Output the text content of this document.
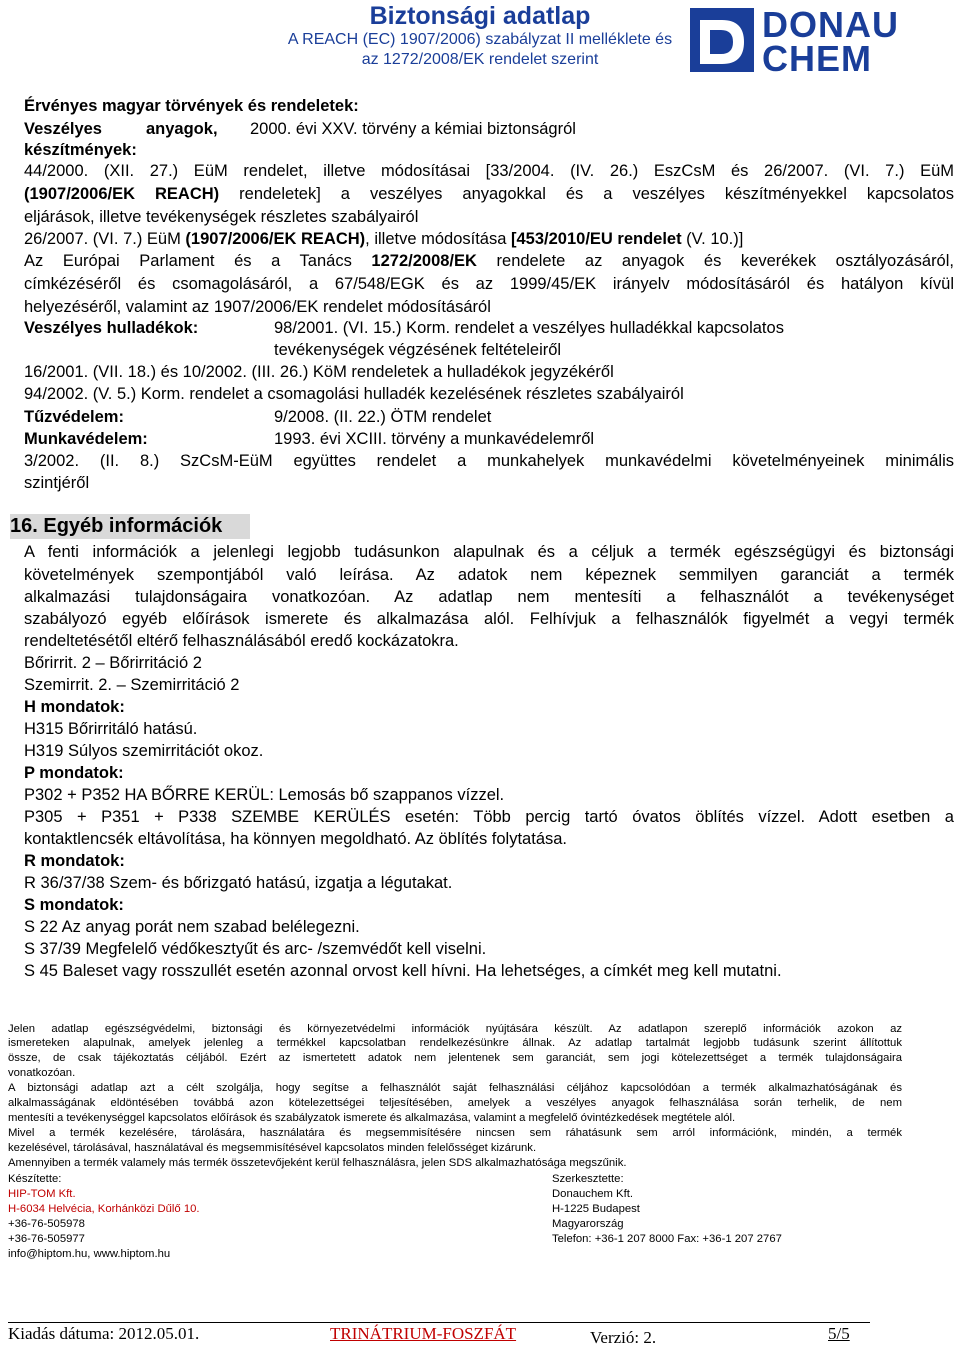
Biztonsági adatlap
A REACH (EC) 1907/2006) szabályzat II melléklete és
az 1272/2008/EK rendelet szerint
DONAU
CHEM
Érvényes magyar törvények és rendeletek:
Veszélyes	anyagok, 2000. évi XXV. törvény a kémiai biztonságról
készítmények:
44/2000. (XII. 27.) EüM rendelet, illetve módosításai [33/2004. (IV. 26.) EszCsM és 26/2007. (VI. 7.) EüM
(1907/2006/EK REACH) rendeletek] a veszélyes anyagokkal és a veszélyes készítményekkel kapcsolatos
eljárások, illetve tevékenységek részletes szabályairól
26/2007. (VI. 7.) EüM (1907/2006/EK REACH), illetve módosítása [453/2010/EU rendelet (V. 10.)]
Az Európai Parlament és a Tanács 1272/2008/EK rendelete az anyagok és keverékek osztályozásáról,
címkézéséről és csomagolásáról, a 67/548/EGK és az 1999/45/EK irányelv módosításáról és hatályon kívül
helyezéséről, valamint az 1907/2006/EK rendelet módosításáról
Veszélyes hulladékok:	98/2001. (VI. 15.) Korm. rendelet a veszélyes hulladékkal kapcsolatos
tevékenységek végzésének feltételeiről
16/2001. (VII. 18.) és 10/2002. (III. 26.) KöM rendeletek a hulladékok jegyzékéről
94/2002. (V. 5.) Korm. rendelet a csomagolási hulladék kezelésének részletes szabályairól
Tűzvédelem:	9/2008. (II. 22.) ÖTM rendelet
Munkavédelem:	1993. évi XCIII. törvény a munkavédelemről
3/2002. (II. 8.) SzCsM-EüM együttes rendelet a munkahelyek munkavédelmi követelményeinek minimális
szintjéről
16. Egyéb információk
A fenti információk a jelenlegi legjobb tudásunkon alapulnak és a céljuk a termék egészségügyi és biztonsági
követelmények szempontjából való leírása. Az adatok nem képeznek semmilyen garanciát a termék
alkalmazási tulajdonságaira vonatkozóan. Az adatlap nem mentesíti a felhasználót a tevékenységet
szabályozó egyéb előírások ismerete és alkalmazása alól. Felhívjuk a felhasználók figyelmét a vegyi termék
rendeltetésétől eltérő felhasználásából eredő kockázatokra.
Bőrirrit. 2 – Bőrirritáció 2
Szemirrit. 2. – Szemirritáció 2
H mondatok:
H315 Bőrirritáló hatású.
H319 Súlyos szemirritációt okoz.
P mondatok:
P302 + P352 HA BŐRRE KERÜL: Lemosás bő szappanos vízzel.
P305 + P351 + P338 SZEMBE KERÜLÉS esetén: Több percig tartó óvatos öblítés vízzel. Adott esetben a
kontaktlencsék eltávolítása, ha könnyen megoldható. Az öblítés folytatása.
R mondatok:
R 36/37/38 Szem- és bőrizgató hatású, izgatja a légutakat.
S mondatok:
S 22 Az anyag porát nem szabad belélegezni.
S 37/39 Megfelelő védőkesztyűt és arc- /szemvédőt kell viselni.
S 45 Baleset vagy rosszullét esetén azonnal orvost kell hívni. Ha lehetséges, a címkét meg kell mutatni.
Jelen adatlap egészségvédelmi, biztonsági és környezetvédelmi információk nyújtására készült. Az adatlapon szereplő információk azokon az
ismereteken alapulnak, amelyek jelenleg a termékkel kapcsolatban rendelkezésünkre állnak. Az adatlap tartalmát legjobb tudásunk szerint állítottuk
össze, de csak tájékoztatás céljából. Ezért az ismertetett adatok nem jelentenek sem garanciát, sem jogi kötelezettséget a termék tulajdonságaira
vonatkozóan.
A biztonsági adatlap azt a célt szolgálja, hogy segítse a felhasználót saját felhasználási céljához kapcsolódóan a termék alkalmazhatóságának és
alkalmasságának eldöntésében továbbá azon kötelezettségei teljesítésében, amelyek a veszélyes anyagok felhasználása során terhelik, de nem
mentesíti a tevékenységgel kapcsolatos előírások és szabályzatok ismerete és alkalmazása, valamint a megfelelő óvintézkedések megtétele alól.
Mivel a termék kezelésére, tárolására, használatára és megsemmisítésére nincsen sem ráhatásunk sem arról információnk, mindén, a termék
kezelésével, tárolásával, használatával és megsemmisítésével kapcsolatos minden felelősséget kizárunk.
Amennyiben a termék valamely más termék összetevőjeként kerül felhasználásra, jelen SDS alkalmazhatósága megszűnik.
Készítette:
HIP-TOM Kft.
H-6034 Helvécia, Korhánközi Dűlő 10.
+36-76-505978
+36-76-505977
info@hiptom.hu, www.hiptom.hu
Szerkesztette:
Donauchem Kft.
H-1225 Budapest
Magyarország
Telefon: +36-1 207 8000 Fax: +36-1 207 2767
Kiadás dátuma: 2012.05.01.	TRINÁTRIUM-FOSZFÁT	Verzió: 2.	5/5
